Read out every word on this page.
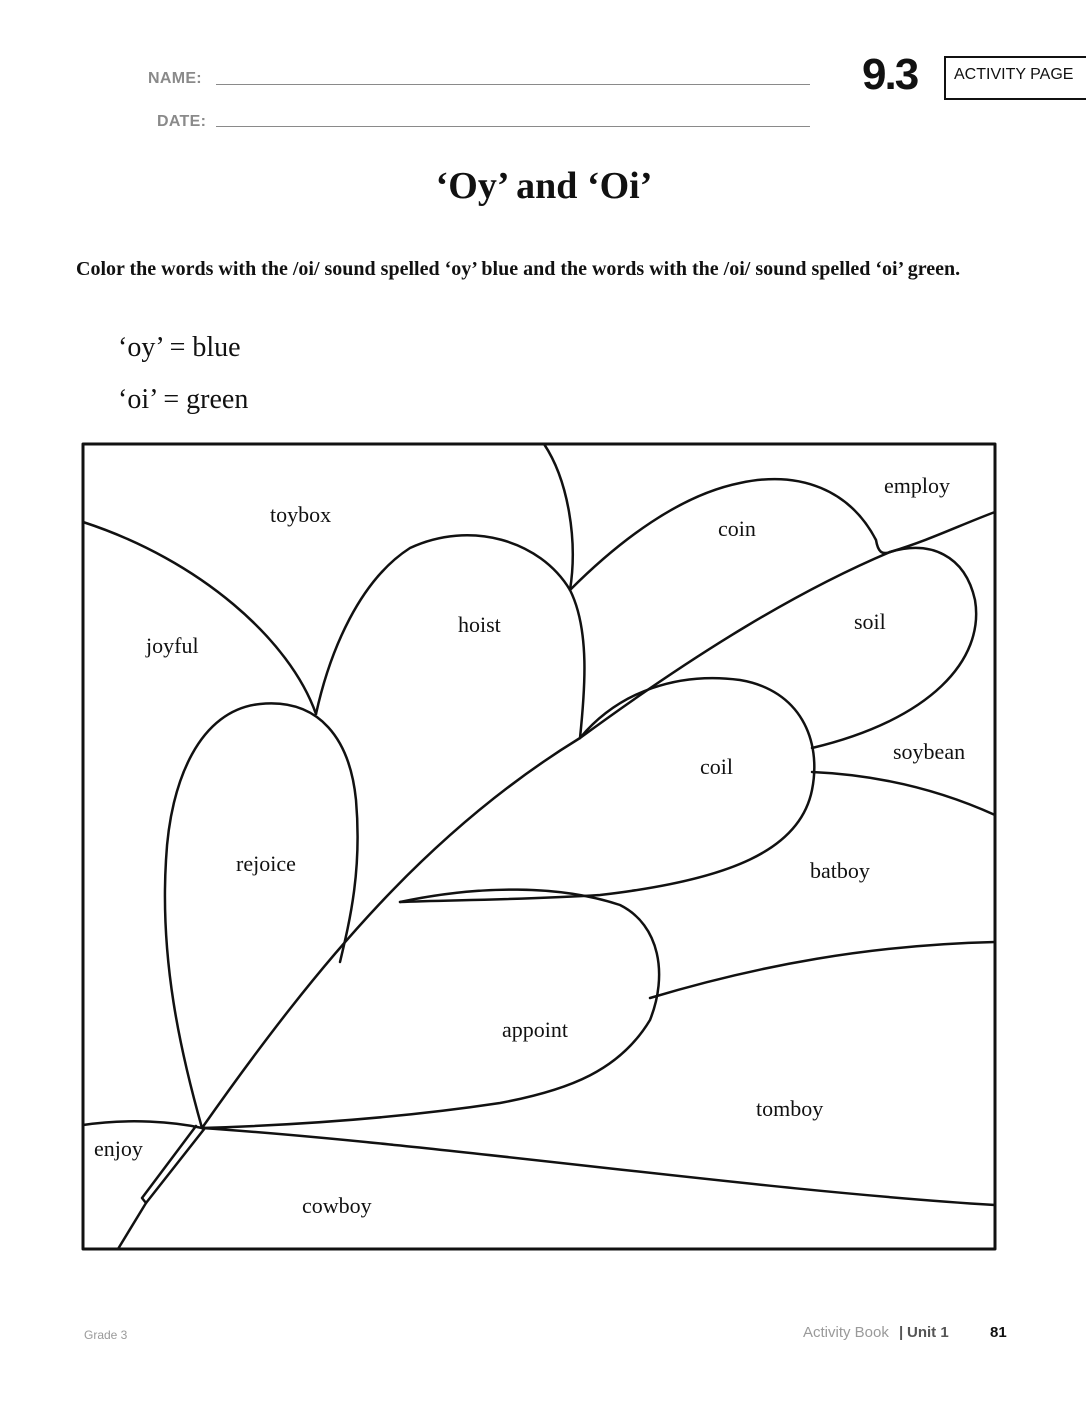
NAME:
DATE:
9.3 ACTIVITY PAGE
‘Oy’ and ‘Oi’
Color the words with the /oi/ sound spelled ‘oy’ blue and the words with the /oi/ sound spelled ‘oi’ green.
‘oy’ = blue
‘oi’ = green
toybox
employ
coin
joyful
hoist	soil
soybean
coil
rejoice	batboy
appoint
tomboy
enjoy
cowboy
Grade 3	Activity Book | Unit 1	81
